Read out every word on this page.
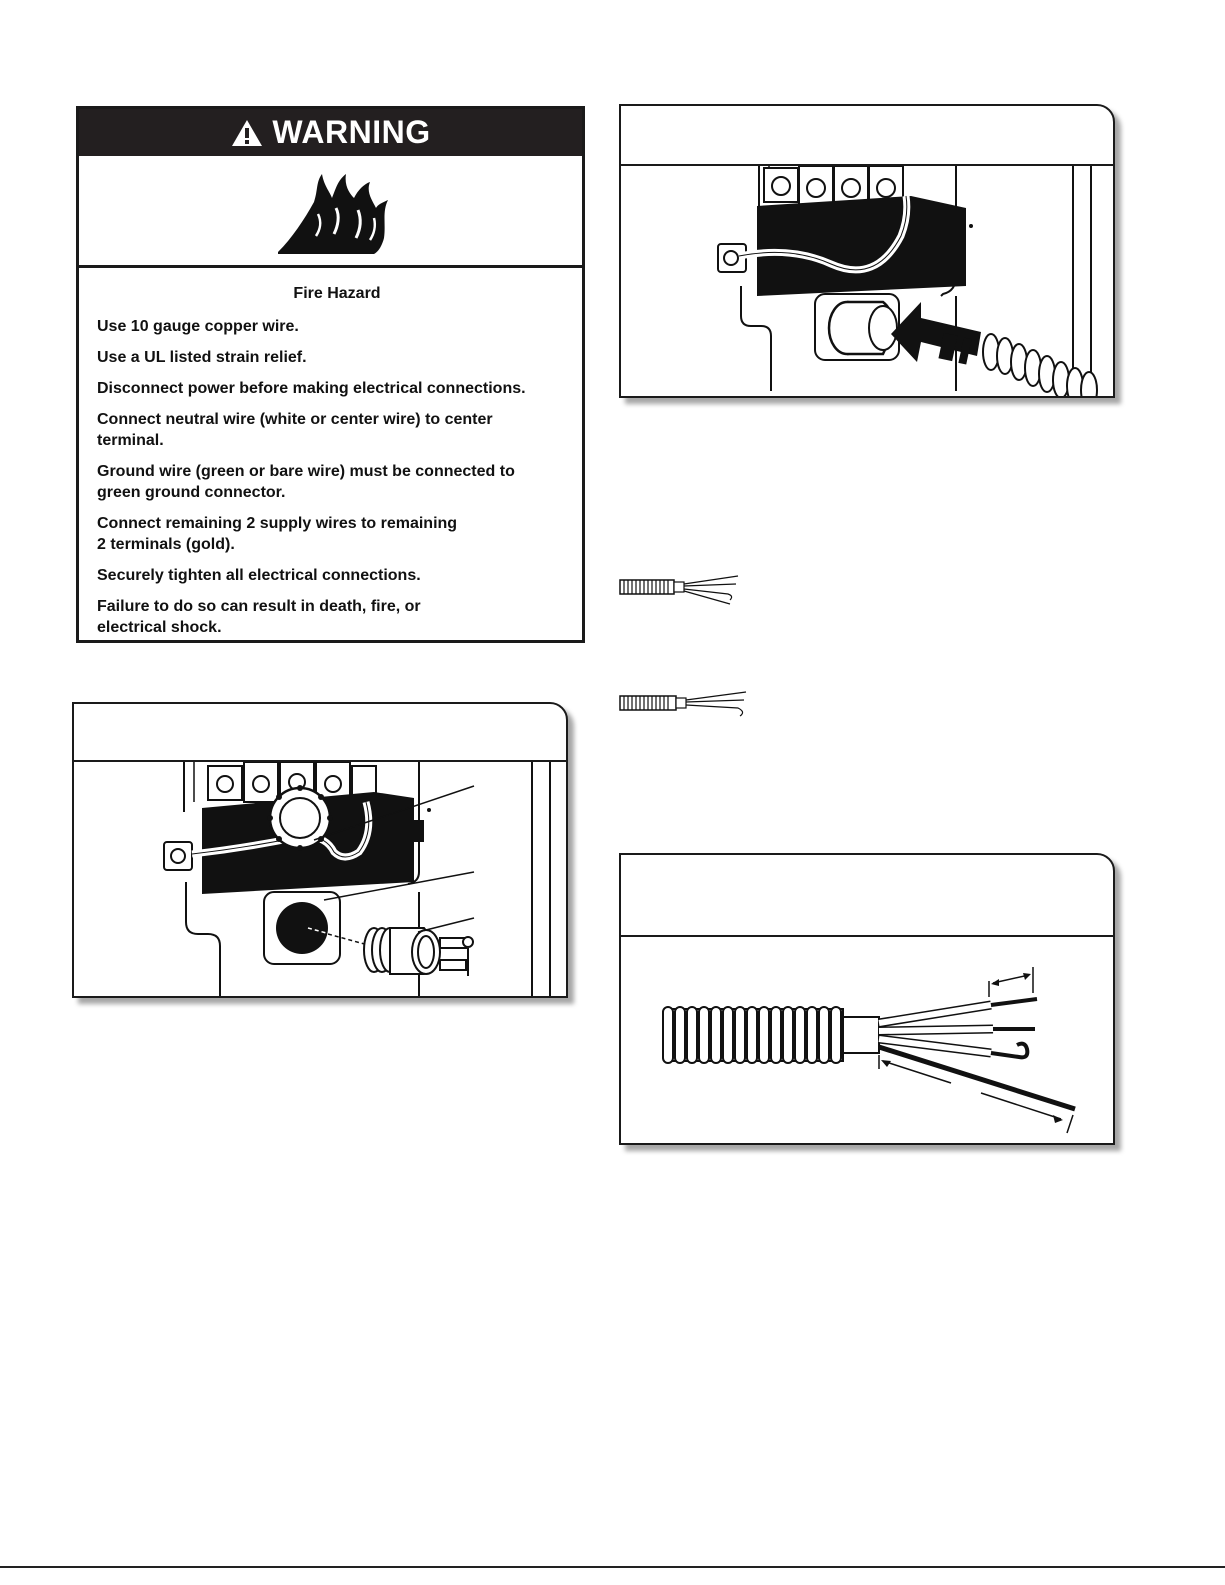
WARNING
Fire Hazard
Use 10 gauge copper wire.
Use a UL listed strain relief.
Disconnect power before making electrical connections.
Connect neutral wire (white or center wire) to center
terminal.
Ground wire (green or bare wire) must be connected to
green ground connector.
Connect remaining 2 supply wires to remaining
2 terminals (gold).
Securely tighten all electrical connections.
Failure to do so can result in death, fire, or
electrical shock.
